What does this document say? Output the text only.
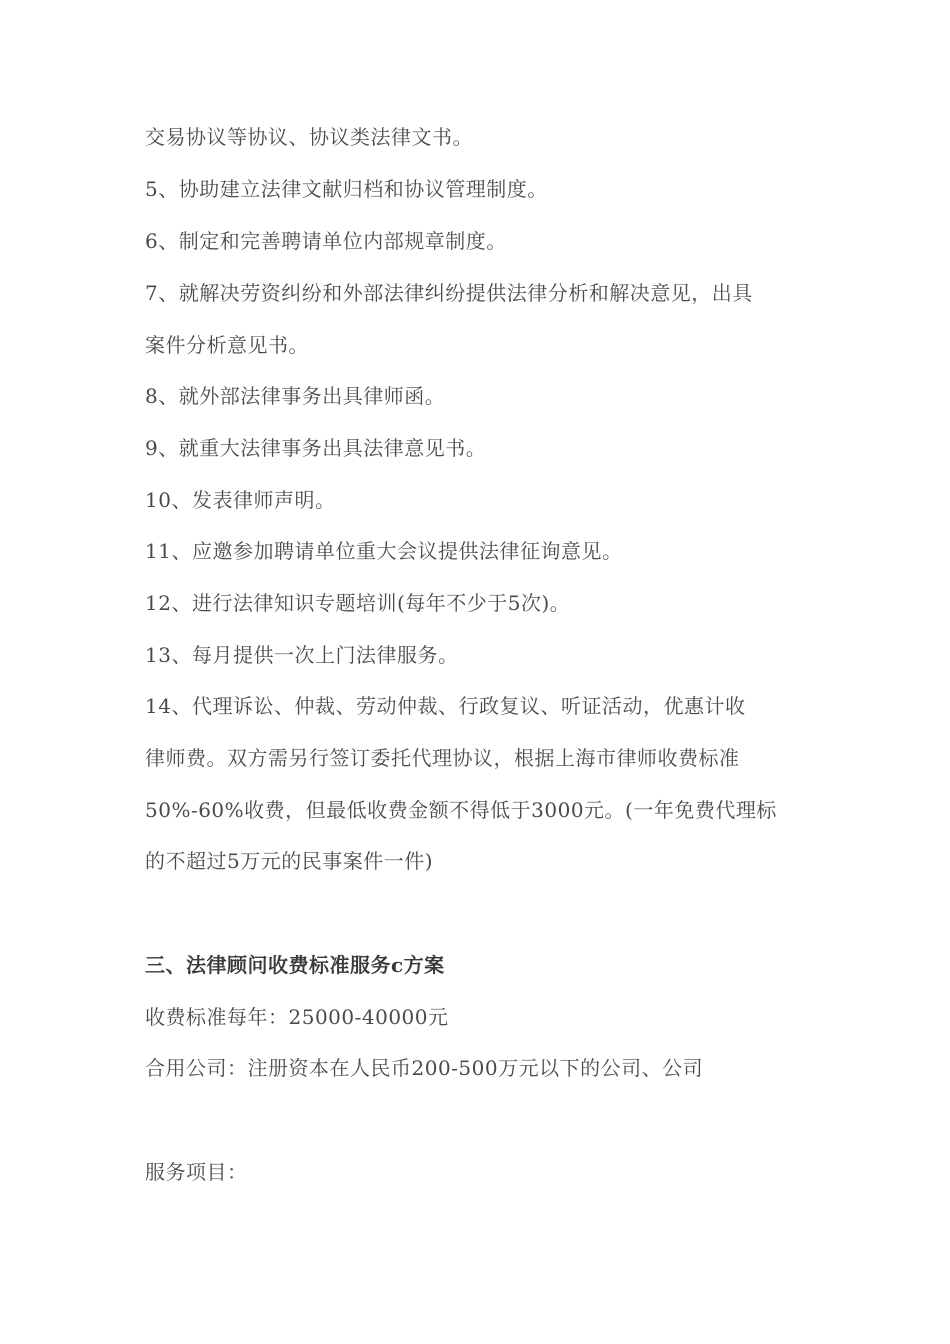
交易协议等协议、协议类法律文书。
5、协助建立法律文献归档和协议管理制度。
6、制定和完善聘请单位内部规章制度。
7、就解决劳资纠纷和外部法律纠纷提供法律分析和解决意见，出具
案件分析意见书。
8、就外部法律事务出具律师函。
9、就重大法律事务出具法律意见书。
10、发表律师声明。
11、应邀参加聘请单位重大会议提供法律征询意见。
12、进行法律知识专题培训(每年不少于5次)。
13、每月提供一次上门法律服务。
14、代理诉讼、仲裁、劳动仲裁、行政复议、听证活动，优惠计收
律师费。双方需另行签订委托代理协议，根据上海市律师收费标准
50%-60%收费，但最低收费金额不得低于3000元。(一年免费代理标
的不超过5万元的民事案件一件)
三、法律顾问收费标准服务c方案
收费标准每年：25000-40000元
合用公司：注册资本在人民币200-500万元以下的公司、公司
服务项目：
